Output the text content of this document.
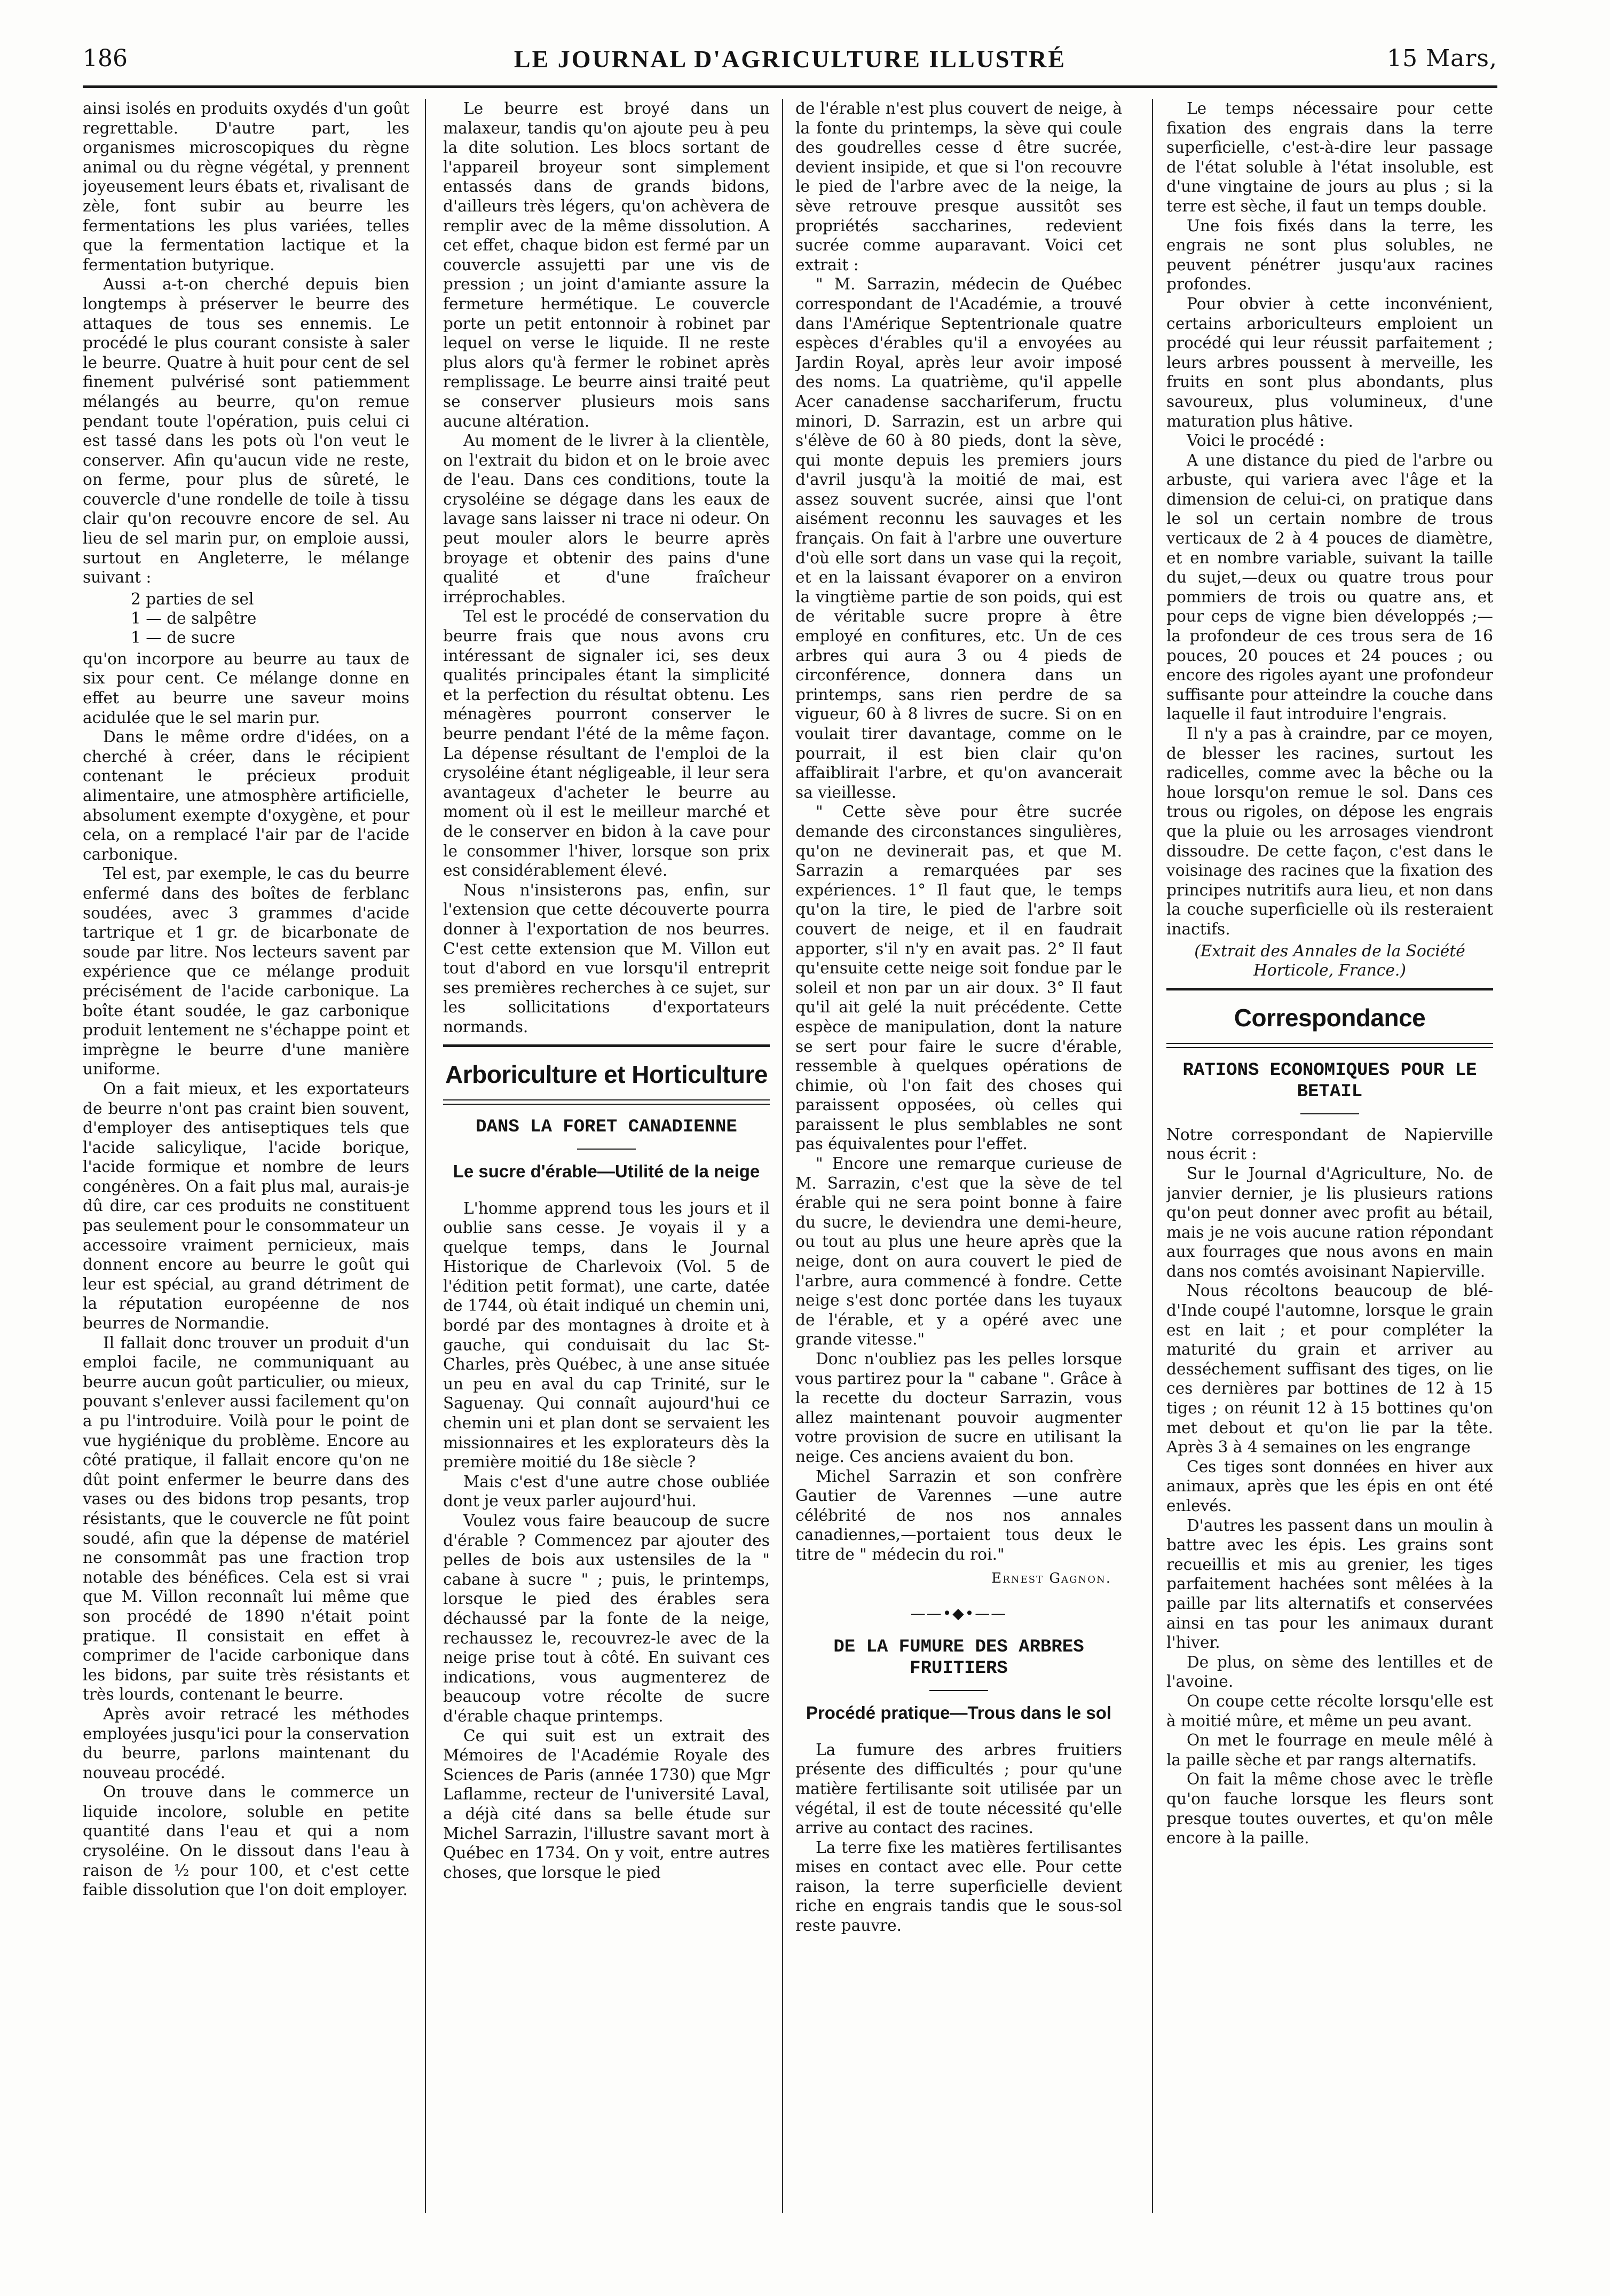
186	LE JOURNAL D'AGRICULTURE ILLUSTRÉ	15 Mars,

ainsi isolés en produits oxydés d'un goût regrettable. D'autre part, les organismes microscopiques du règne animal ou du règne végétal, y prennent joyeusement leurs ébats et, rivalisant de zèle, font subir au beurre les fermentations les plus variées, telles que la fermentation lactique et la fermentation butyrique.

Aussi a-t-on cherché depuis bien longtemps à préserver le beurre des attaques de tous ses ennemis. Le procédé le plus courant consiste à saler le beurre. Quatre à huit pour cent de sel finement pulvérisé sont patiemment mélangés au beurre, qu'on remue pendant toute l'opération, puis celui ci est tassé dans les pots où l'on veut le conserver. Afin qu'aucun vide ne reste, on ferme, pour plus de sûreté, le couvercle d'une rondelle de toile à tissu clair qu'on recouvre encore de sel. Au lieu de sel marin pur, on emploie aussi, surtout en Angleterre, le mélange suivant :

2 parties de sel
1 — de salpêtre
1 — de sucre

qu'on incorpore au beurre au taux de six pour cent. Ce mélange donne en effet au beurre une saveur moins acidulée que le sel marin pur.

Dans le même ordre d'idées, on a cherché à créer, dans le récipient contenant le précieux produit alimentaire, une atmosphère artificielle, absolument exempte d'oxygène, et pour cela, on a remplacé l'air par de l'acide carbonique.

Tel est, par exemple, le cas du beurre enfermé dans des boîtes de ferblanc soudées, avec 3 grammes d'acide tartrique et 1 gr. de bicarbonate de soude par litre. Nos lecteurs savent par expérience que ce mélange produit précisément de l'acide carbonique. La boîte étant soudée, le gaz carbonique produit lentement ne s'échappe point et imprègne le beurre d'une manière uniforme.

On a fait mieux, et les exportateurs de beurre n'ont pas craint bien souvent, d'employer des antiseptiques tels que l'acide salicylique, l'acide borique, l'acide formique et nombre de leurs congénères. On a fait plus mal, aurais-je dû dire, car ces produits ne constituent pas seulement pour le consommateur un accessoire vraiment pernicieux, mais donnent encore au beurre le goût qui leur est spécial, au grand détriment de la réputation européenne de nos beurres de Normandie.

Il fallait donc trouver un produit d'un emploi facile, ne communiquant au beurre aucun goût particulier, ou mieux, pouvant s'enlever aussi facilement qu'on a pu l'introduire. Voilà pour le point de vue hygiénique du problème. Encore au côté pratique, il fallait encore qu'on ne dût point enfermer le beurre dans des vases ou des bidons trop pesants, trop résistants, que le couvercle ne fût point soudé, afin que la dépense de matériel ne consommât pas une fraction trop notable des bénéfices. Cela est si vrai que M. Villon reconnaît lui même que son procédé de 1890 n'était point pratique. Il consistait en effet à comprimer de l'acide carbonique dans les bidons, par suite très résistants et très lourds, contenant le beurre.

Après avoir retracé les méthodes employées jusqu'ici pour la conservation du beurre, parlons maintenant du nouveau procédé.

On trouve dans le commerce un liquide incolore, soluble en petite quantité dans l'eau et qui a nom crysoléine. On le dissout dans l'eau à raison de ½ pour 100, et c'est cette faible dissolution que l'on doit employer.

Le beurre est broyé dans un malaxeur, tandis qu'on ajoute peu à peu la dite solution. Les blocs sortant de l'appareil broyeur sont simplement entassés dans de grands bidons, d'ailleurs très légers, qu'on achèvera de remplir avec de la même dissolution. A cet effet, chaque bidon est fermé par un couvercle assujetti par une vis de pression ; un joint d'amiante assure la fermeture hermétique. Le couvercle porte un petit entonnoir à robinet par lequel on verse le liquide. Il ne reste plus alors qu'à fermer le robinet après remplissage. Le beurre ainsi traité peut se conserver plusieurs mois sans aucune altération.

Au moment de le livrer à la clientèle, on l'extrait du bidon et on le broie avec de l'eau. Dans ces conditions, toute la crysoléine se dégage dans les eaux de lavage sans laisser ni trace ni odeur. On peut mouler alors le beurre après broyage et obtenir des pains d'une qualité et d'une fraîcheur irréprochables.

Tel est le procédé de conservation du beurre frais que nous avons cru intéressant de signaler ici, ses deux qualités principales étant la simplicité et la perfection du résultat obtenu. Les ménagères pourront conserver le beurre pendant l'été de la même façon. La dépense résultant de l'emploi de la crysoléine étant négligeable, il leur sera avantageux d'acheter le beurre au moment où il est le meilleur marché et de le conserver en bidon à la cave pour le consommer l'hiver, lorsque son prix est considérablement élevé.

Nous n'insisterons pas, enfin, sur l'extension que cette découverte pourra donner à l'exportation de nos beurres. C'est cette extension que M. Villon eut tout d'abord en vue lorsqu'il entreprit ses premières recherches à ce sujet, sur les sollicitations d'exportateurs normands.

Arboriculture et Horticulture
DANS LA FORET CANADIENNE
Le sucre d'érable—Utilité de la neige

L'homme apprend tous les jours et il oublie sans cesse. Je voyais il y a quelque temps, dans le Journal Historique de Charlevoix (Vol. 5 de l'édition petit format), une carte, datée de 1744, où était indiqué un chemin uni, bordé par des montagnes à droite et à gauche, qui conduisait du lac St-Charles, près Québec, à une anse située un peu en aval du cap Trinité, sur le Saguenay. Qui connaît aujourd'hui ce chemin uni et plan dont se servaient les missionnaires et les explorateurs dès la première moitié du 18e siècle ?

Mais c'est d'une autre chose oubliée dont je veux parler aujourd'hui.

Voulez vous faire beaucoup de sucre d'érable ? Commencez par ajouter des pelles de bois aux ustensiles de la " cabane à sucre " ; puis, le printemps, lorsque le pied des érables sera déchaussé par la fonte de la neige, rechaussez le, recouvrez-le avec de la neige prise tout à côté. En suivant ces indications, vous augmenterez de beaucoup votre récolte de sucre d'érable chaque printemps.

Ce qui suit est un extrait des Mémoires de l'Académie Royale des Sciences de Paris (année 1730) que Mgr Laflamme, recteur de l'université Laval, a déjà cité dans sa belle étude sur Michel Sarrazin, l'illustre savant mort à Québec en 1734. On y voit, entre autres choses, que lorsque le pied

de l'érable n'est plus couvert de neige, à la fonte du printemps, la sève qui coule des goudrelles cesse d être sucrée, devient insipide, et que si l'on recouvre le pied de l'arbre avec de la neige, la sève retrouve presque aussitôt ses propriétés saccharines, redevient sucrée comme auparavant. Voici cet extrait :

" M. Sarrazin, médecin de Québec correspondant de l'Académie, a trouvé dans l'Amérique Septentrionale quatre espèces d'érables qu'il a envoyées au Jardin Royal, après leur avoir imposé des noms. La quatrième, qu'il appelle Acer canadense sacchariferum, fructu minori, D. Sarrazin, est un arbre qui s'élève de 60 à 80 pieds, dont la sève, qui monte depuis les premiers jours d'avril jusqu'à la moitié de mai, est assez souvent sucrée, ainsi que l'ont aisément reconnu les sauvages et les français. On fait à l'arbre une ouverture d'où elle sort dans un vase qui la reçoit, et en la laissant évaporer on a environ la vingtième partie de son poids, qui est de véritable sucre propre à être employé en confitures, etc. Un de ces arbres qui aura 3 ou 4 pieds de circonférence, donnera dans un printemps, sans rien perdre de sa vigueur, 60 à 8 livres de sucre. Si on en voulait tirer davantage, comme on le pourrait, il est bien clair qu'on affaiblirait l'arbre, et qu'on avancerait sa vieillesse.

" Cette sève pour être sucrée demande des circonstances singulières, qu'on ne devinerait pas, et que M. Sarrazin a remarquées par ses expériences. 1° Il faut que, le temps qu'on la tire, le pied de l'arbre soit couvert de neige, et il en faudrait apporter, s'il n'y en avait pas. 2° Il faut qu'ensuite cette neige soit fondue par le soleil et non par un air doux. 3° Il faut qu'il ait gelé la nuit précédente. Cette espèce de manipulation, dont la nature se sert pour faire le sucre d'érable, ressemble à quelques opérations de chimie, où l'on fait des choses qui paraissent opposées, où celles qui paraissent le plus semblables ne sont pas équivalentes pour l'effet.

" Encore une remarque curieuse de M. Sarrazin, c'est que la sève de tel érable qui ne sera point bonne à faire du sucre, le deviendra une demi-heure, ou tout au plus une heure après que la neige, dont on aura couvert le pied de l'arbre, aura commencé à fondre. Cette neige s'est donc portée dans les tuyaux de l'érable, et y a opéré avec une grande vitesse."

Donc n'oubliez pas les pelles lorsque vous partirez pour la " cabane ". Grâce à la recette du docteur Sarrazin, vous allez maintenant pouvoir augmenter votre provision de sucre en utilisant la neige. Ces anciens avaient du bon.

Michel Sarrazin et son confrère Gautier de Varennes —une autre célébrité de nos nos annales canadiennes,—portaient tous deux le titre de " médecin du roi."

Ernest Gagnon.
——•◆•——
DE LA FUMURE DES ARBRES FRUITIERS
Procédé pratique—Trous dans le sol

La fumure des arbres fruitiers présente des difficultés ; pour qu'une matière fertilisante soit utilisée par un végétal, il est de toute nécessité qu'elle arrive au contact des racines.

La terre fixe les matières fertilisantes mises en contact avec elle. Pour cette raison, la terre superficielle devient riche en engrais tandis que le sous-sol reste pauvre.

Le temps nécessaire pour cette fixation des engrais dans la terre superficielle, c'est-à-dire leur passage de l'état soluble à l'état insoluble, est d'une vingtaine de jours au plus ; si la terre est sèche, il faut un temps double.

Une fois fixés dans la terre, les engrais ne sont plus solubles, ne peuvent pénétrer jusqu'aux racines profondes.

Pour obvier à cette inconvénient, certains arboriculteurs emploient un procédé qui leur réussit parfaitement ; leurs arbres poussent à merveille, les fruits en sont plus abondants, plus savoureux, plus volumineux, d'une maturation plus hâtive.

Voici le procédé :

A une distance du pied de l'arbre ou arbuste, qui variera avec l'âge et la dimension de celui-ci, on pratique dans le sol un certain nombre de trous verticaux de 2 à 4 pouces de diamètre, et en nombre variable, suivant la taille du sujet,—deux ou quatre trous pour pommiers de trois ou quatre ans, et pour ceps de vigne bien développés ;—la profondeur de ces trous sera de 16 pouces, 20 pouces et 24 pouces ; ou encore des rigoles ayant une profondeur suffisante pour atteindre la couche dans laquelle il faut introduire l'engrais.

Il n'y a pas à craindre, par ce moyen, de blesser les racines, surtout les radicelles, comme avec la bêche ou la houe lorsqu'on remue le sol. Dans ces trous ou rigoles, on dépose les engrais que la pluie ou les arrosages viendront dissoudre. De cette façon, c'est dans le voisinage des racines que la fixation des principes nutritifs aura lieu, et non dans la couche superficielle où ils resteraient inactifs.

(Extrait des Annales de la Société
Horticole, France.)
Correspondance
RATIONS ECONOMIQUES POUR LE BETAIL

Notre correspondant de Napierville nous écrit :

Sur le Journal d'Agriculture, No. de janvier dernier, je lis plusieurs rations qu'on peut donner avec profit au bétail, mais je ne vois aucune ration répondant aux fourrages que nous avons en main dans nos comtés avoisinant Napierville.

Nous récoltons beaucoup de blé-d'Inde coupé l'automne, lorsque le grain est en lait ; et pour compléter la maturité du grain et arriver au desséchement suffisant des tiges, on lie ces dernières par bottines de 12 à 15 tiges ; on réunit 12 à 15 bottines qu'on met debout et qu'on lie par la tête. Après 3 à 4 semaines on les engrange

Ces tiges sont données en hiver aux animaux, après que les épis en ont été enlevés.

D'autres les passent dans un moulin à battre avec les épis. Les grains sont recueillis et mis au grenier, les tiges parfaitement hachées sont mêlées à la paille par lits alternatifs et conservées ainsi en tas pour les animaux durant l'hiver.

De plus, on sème des lentilles et de l'avoine.

On coupe cette récolte lorsqu'elle est à moitié mûre, et même un peu avant.

On met le fourrage en meule mêlé à la paille sèche et par rangs alternatifs.

On fait la même chose avec le trèfle qu'on fauche lorsque les fleurs sont presque toutes ouvertes, et qu'on mêle encore à la paille.
